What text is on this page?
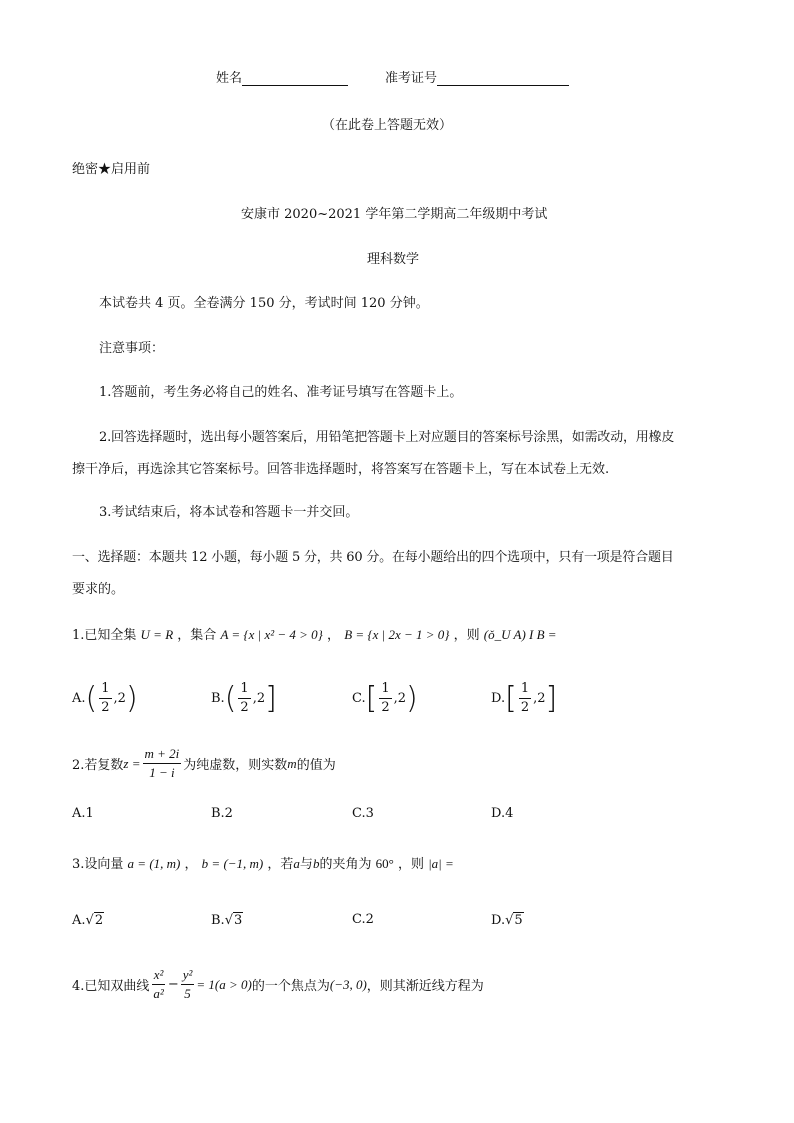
姓名	准考证号
（在此卷上答题无效）
绝密★启用前
安康市 2020~2021 学年第二学期高二年级期中考试
理科数学
本试卷共 4 页。全卷满分 150 分，考试时间 120 分钟。
注意事项：
1.答题前，考生务必将自己的姓名、准考证号填写在答题卡上。
2.回答选择题时，选出每小题答案后，用铅笔把答题卡上对应题目的答案标号涂黑，如需改动，用橡皮
擦干净后，再选涂其它答案标号。回答非选择题时，将答案写在答题卡上，写在本试卷上无效.
3.考试结束后，将本试卷和答题卡一并交回。
一、选择题：本题共 12 小题，每小题 5 分，共 60 分。在每小题给出的四个选项中，只有一项是符合题目
要求的。
1.已知全集 U = R ，集合 A = {x | x² − 4 > 0} ， B = {x | 2x − 1 > 0} ，则 (ǒ_U A) I B =
A. ( $\frac{1}{2} ,2$ )	B. ( $\frac{1}{2} ,2$ ]	C. [ $\frac{1}{2} ,2$ )	D. [ $\frac{1}{2} ,2$ ]
2.若复数 $z = \frac{m + 2i}{1 - i}$ 为纯虚数，则实数 m 的值为
A.1	B.2	C.3	D.4
3.设向量 a = (1, m) ， b = (−1, m) ，若a与b的夹角为 60° ，则 |a| =
A. √ 2	B. √ 3	C.2	D. √ 5
4.已知双曲线 $\frac{\text{x²}}{\text{a²}} - \frac{\text{y²}}{5} = 1(a > 0)$ 的一个焦点为 (−3, 0) ，则其渐近线方程为
